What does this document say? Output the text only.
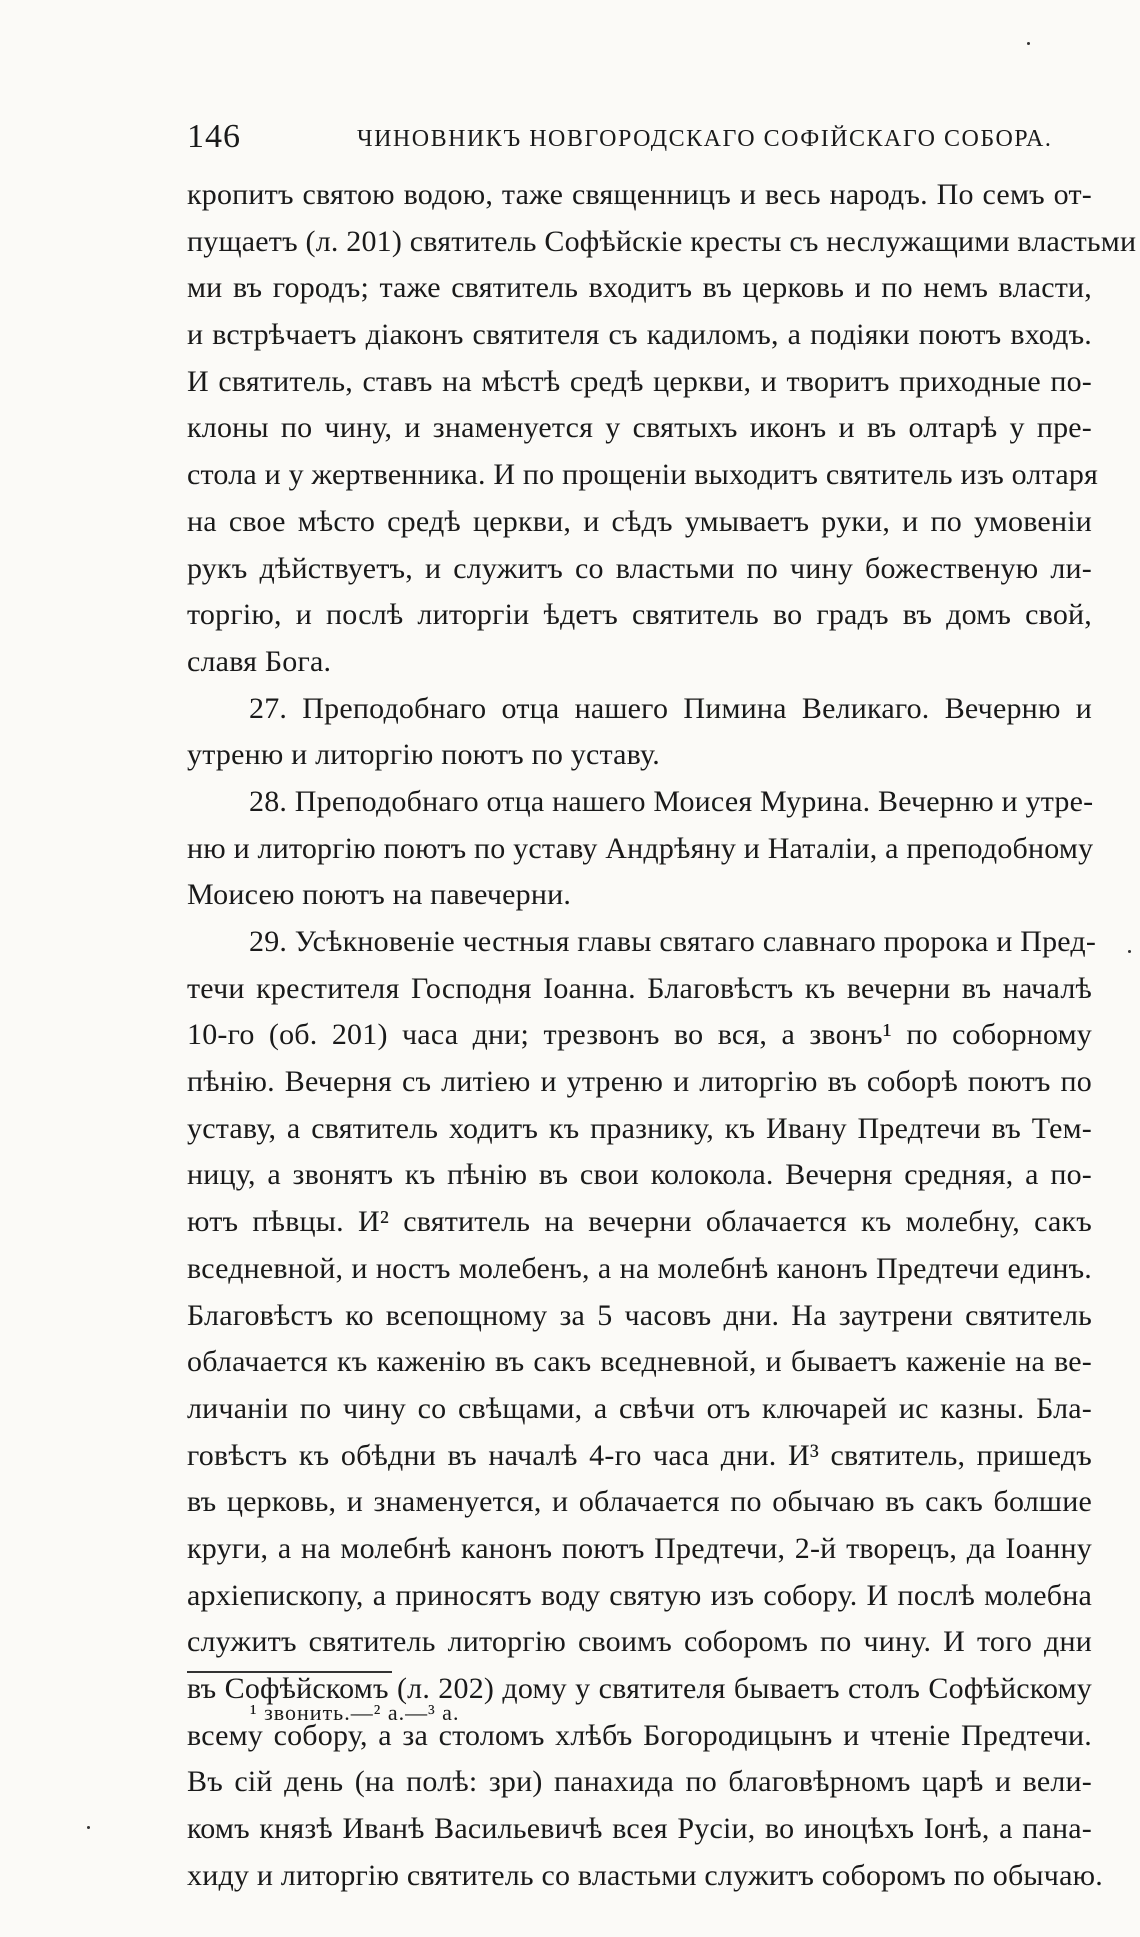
146	ЧИНОВНИКЪ НОВГОРОДСКАГО СОФІЙСКАГО СОБОРА.
кропитъ святою водою, таже священницъ и весь народъ. По семъ от-
пущаетъ (л. 201) святитель Софѣйскіе кресты съ неслужащими властьми
ми въ городъ; таже святитель входитъ въ церковь и по немъ власти,
и встрѣчаетъ діаконъ святителя съ кадиломъ, а подіяки поютъ входъ.
И святитель, ставъ на мѣстѣ средѣ церкви, и творитъ приходные по-
клоны по чину, и знаменуется у святыхъ иконъ и въ олтарѣ у пре-
стола и у жертвенника. И по прощеніи выходитъ святитель изъ олтаря
на свое мѣсто средѣ церкви, и сѣдъ умываетъ руки, и по умовеніи
рукъ дѣйствуетъ, и служитъ со властьми по чину божественую ли-
торгію, и послѣ литоргіи ѣдетъ святитель во градъ въ домъ свой,
славя Бога.
27. Преподобнаго отца нашего Пимина Великаго. Вечерню и
утреню и литоргію поютъ по уставу.
28. Преподобнаго отца нашего Моисея Мурина. Вечерню и утре-
ню и литоргію поютъ по уставу Андрѣяну и Наталіи, а преподобному
Моисею поютъ на павечерни.
29. Усѣкновеніе честныя главы святаго славнаго пророка и Пред-
течи крестителя Господня Іоанна. Благовѣстъ къ вечерни въ началѣ
10-го (об. 201) часа дни; трезвонъ во вся, а звонъ¹ по соборному
пѣнію. Вечерня съ литіею и утреню и литоргію въ соборѣ поютъ по
уставу, а святитель ходитъ къ празнику, къ Ивану Предтечи въ Тем-
ницу, а звонятъ къ пѣнію въ свои колокола. Вечерня средняя, а по-
ютъ пѣвцы. И² святитель на вечерни облачается къ молебну, сакъ
вседневной, и ностъ молебенъ, а на молебнѣ канонъ Предтечи единъ.
Благовѣстъ ко всепощному за 5 часовъ дни. На заутрени святитель
облачается къ каженію въ сакъ вседневной, и бываетъ каженіе на ве-
личаніи по чину со свѣщами, а свѣчи отъ ключарей ис казны. Бла-
говѣстъ къ обѣдни въ началѣ 4-го часа дни. И³ святитель, пришедъ
въ церковь, и знаменуется, и облачается по обычаю въ сакъ болшие
круги, а на молебнѣ канонъ поютъ Предтечи, 2-й творецъ, да Іоанну
архіепископу, а приносятъ воду святую изъ собору. И послѣ молебна
служитъ святитель литоргію своимъ соборомъ по чину. И того дни
въ Софѣйскомъ (л. 202) дому у святителя бываетъ столъ Софѣйскому
всему собору, а за столомъ хлѣбъ Богородицынъ и чтеніе Предтечи.
Въ сій день (на полѣ: зри) панахида по благовѣрномъ царѣ и вели-
комъ князѣ Иванѣ Васильевичѣ всея Русіи, во иноцѣхъ Іонѣ, а пана-
хиду и литоргію святитель со властьми служитъ соборомъ по обычаю.
¹ звонить.—² а.—³ а.
